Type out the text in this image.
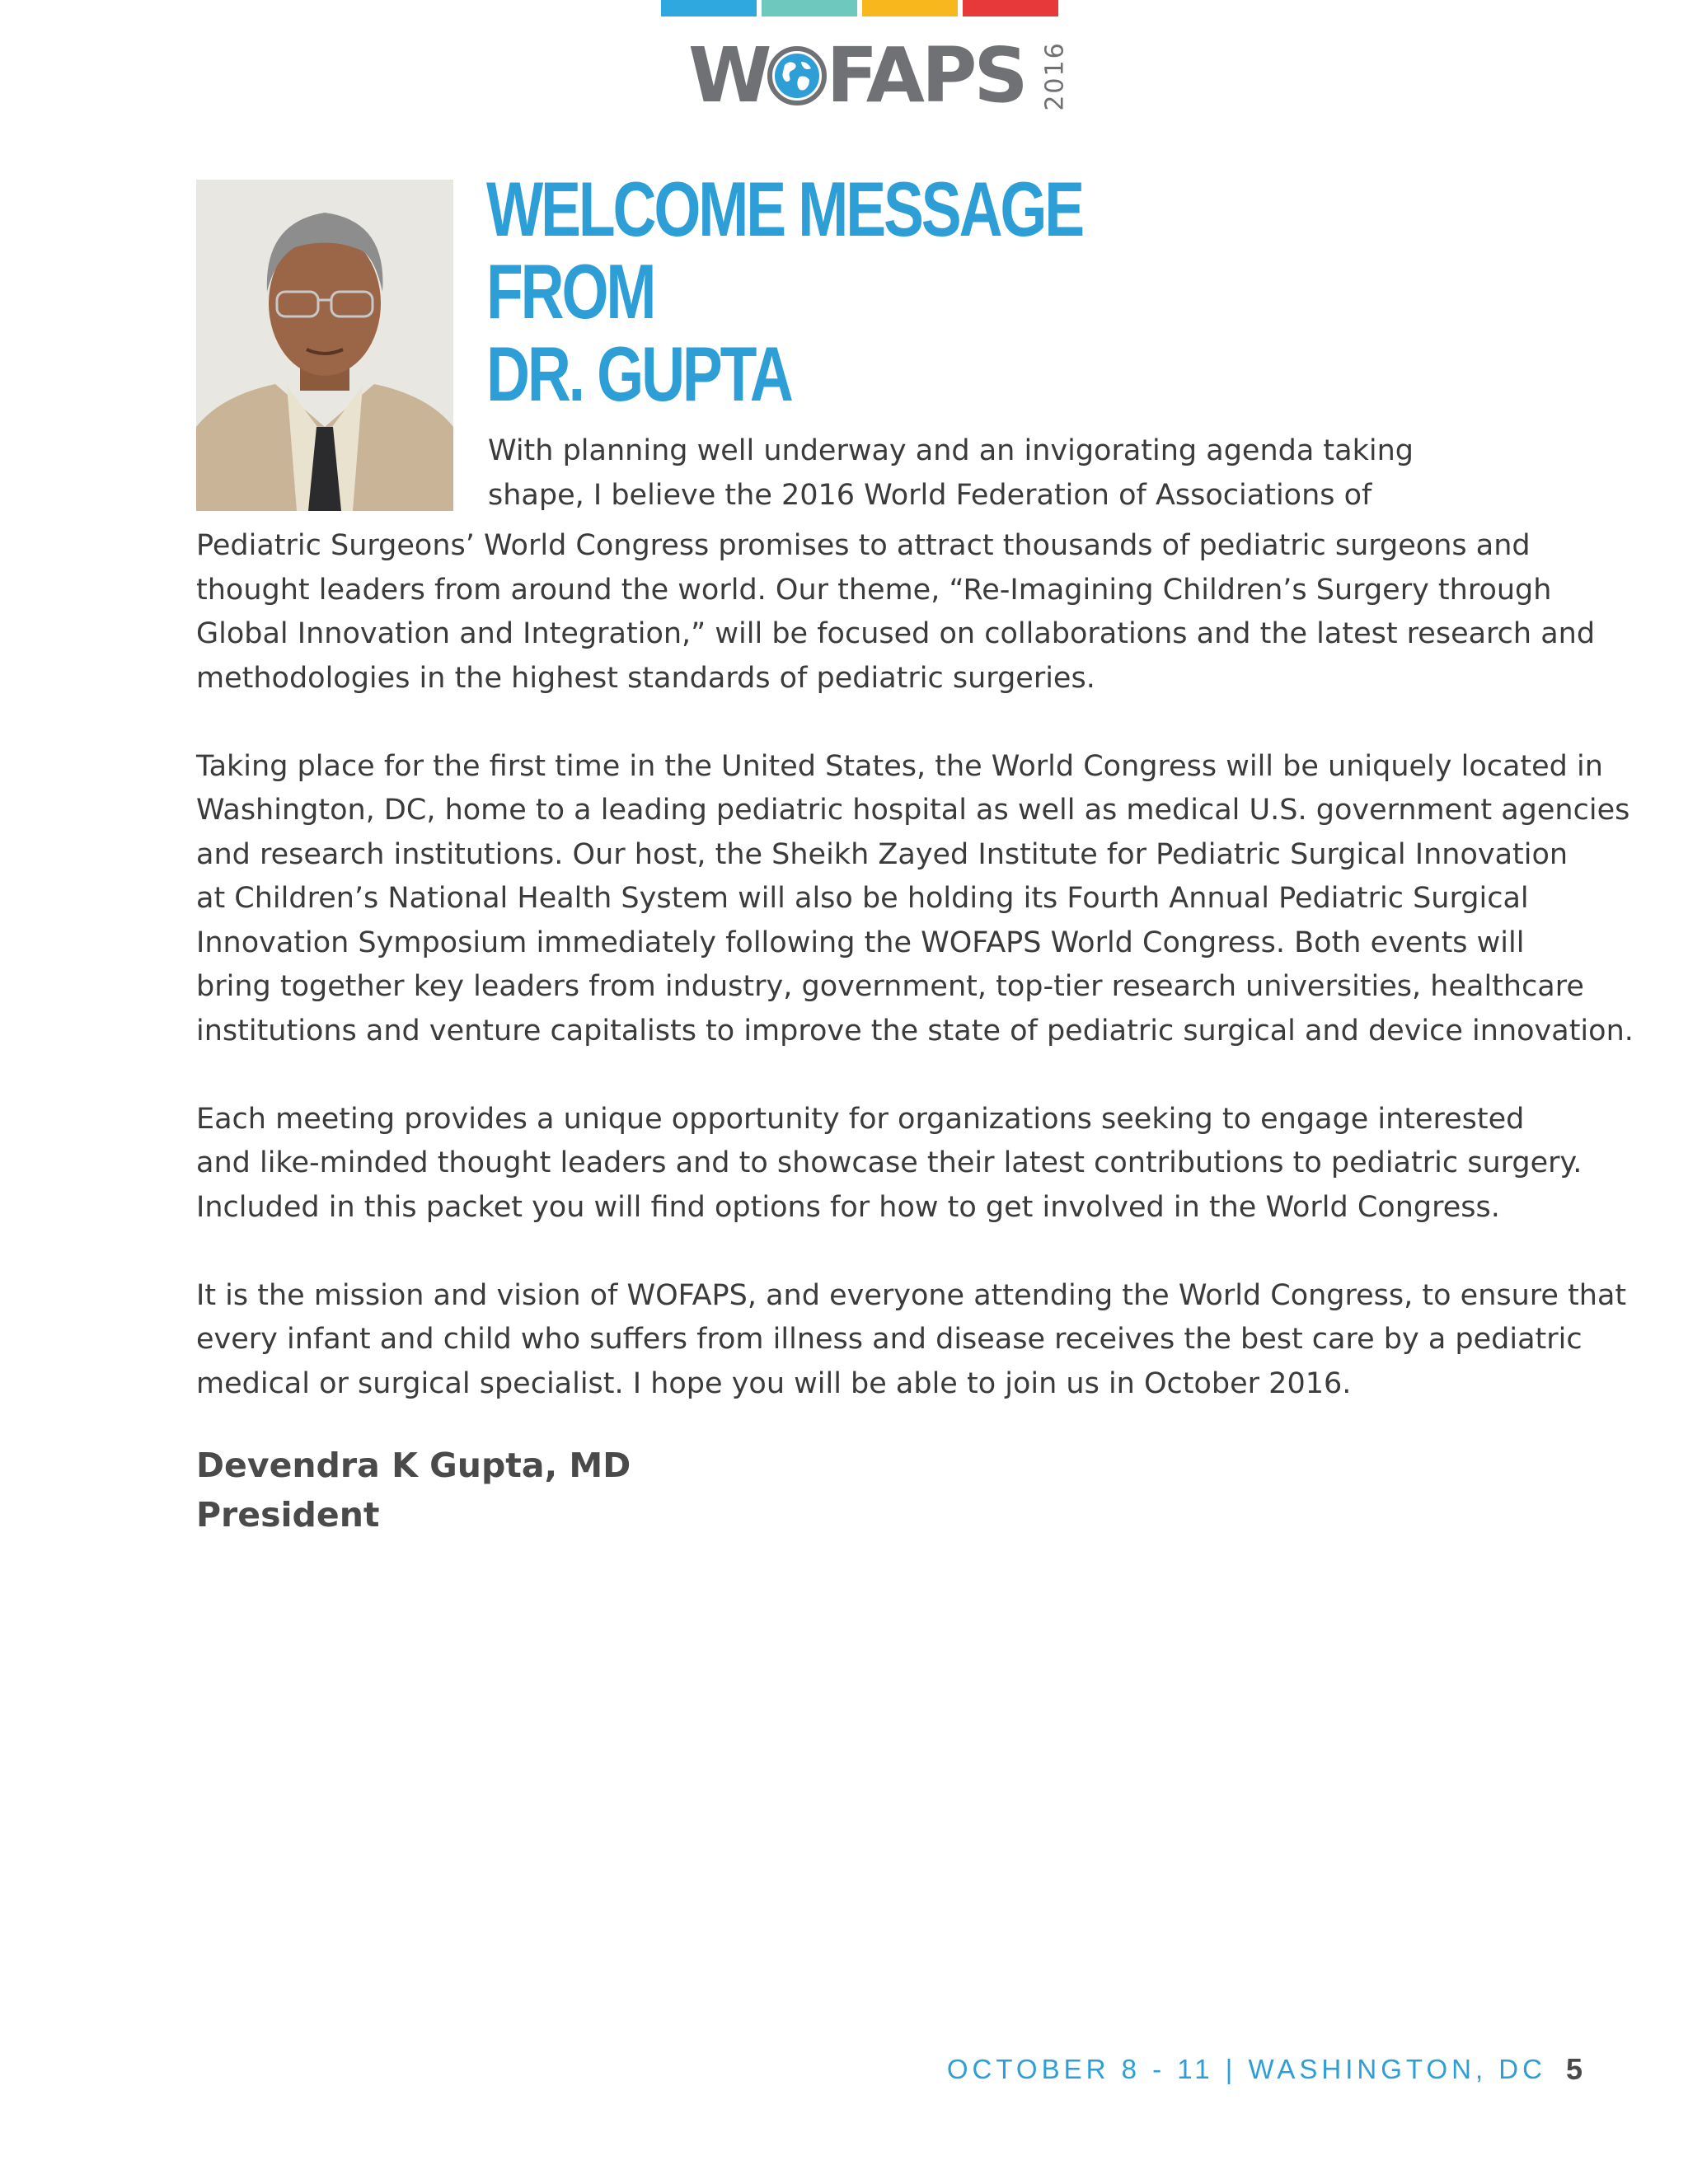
W FAPS 2016
WELCOME MESSAGE FROM
DR. GUPTA
With planning well underway and an invigorating agenda taking
shape, I believe the 2016 World Federation of Associations of

Pediatric Surgeons’ World Congress promises to attract thousands of pediatric surgeons and
thought leaders from around the world. Our theme, “Re-Imagining Children’s Surgery through
Global Innovation and Integration,” will be focused on collaborations and the latest research and
methodologies in the highest standards of pediatric surgeries.

Taking place for the first time in the United States, the World Congress will be uniquely located in
Washington, DC, home to a leading pediatric hospital as well as medical U.S. government agencies
and research institutions. Our host, the Sheikh Zayed Institute for Pediatric Surgical Innovation
at Children’s National Health System will also be holding its Fourth Annual Pediatric Surgical
Innovation Symposium immediately following the WOFAPS World Congress. Both events will
bring together key leaders from industry, government, top-tier research universities, healthcare
institutions and venture capitalists to improve the state of pediatric surgical and device innovation.

Each meeting provides a unique opportunity for organizations seeking to engage interested
and like-minded thought leaders and to showcase their latest contributions to pediatric surgery.
Included in this packet you will find options for how to get involved in the World Congress.

It is the mission and vision of WOFAPS, and everyone attending the World Congress, to ensure that
every infant and child who suffers from illness and disease receives the best care by a pediatric
medical or surgical specialist. I hope you will be able to join us in October 2016.

Devendra K Gupta, MD
President
OCTOBER 8 - 11 | WASHINGTON, DC 5
